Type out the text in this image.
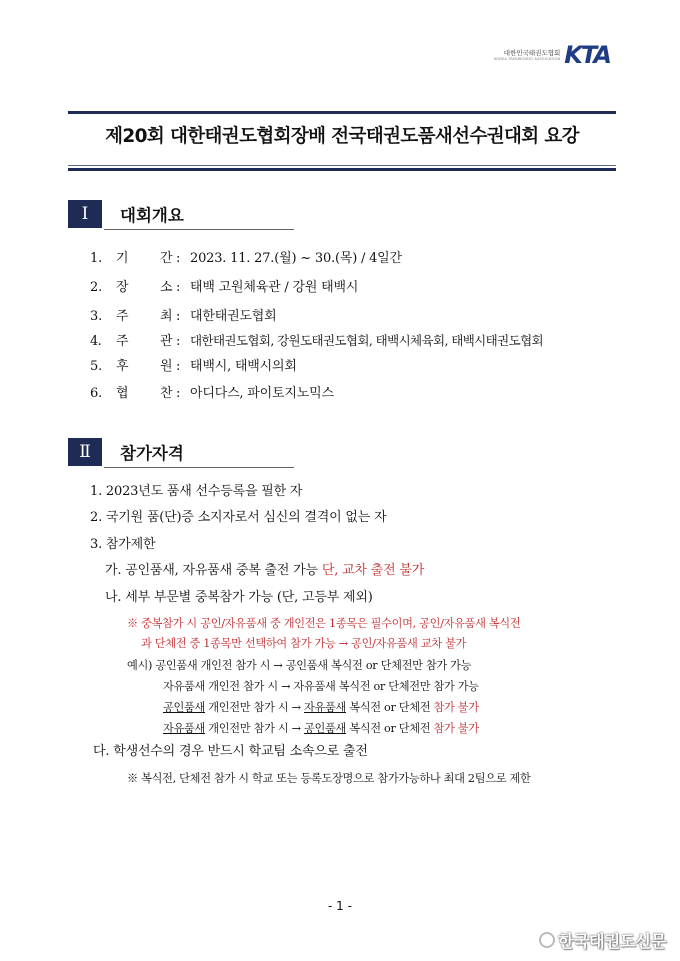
대한민국태권도협회
KOREA TAEKWONDO ASSOCIATION KTA
제20회 대한태권도협회장배 전국태권도품새선수권대회 요강
Ⅰ	대회개요
1. 기 간 : 2023. 11. 27.(월) ~ 30.(목) / 4일간
2. 장 소 : 태백 고원체육관 / 강원 태백시
3. 주 최 : 대한태권도협회
4. 주 관 : 대한태권도협회, 강원도태권도협회, 태백시체육회, 태백시태권도협회
5. 후 원 : 태백시, 태백시의회
6. 협 찬 : 아디다스, 파이토지노믹스
Ⅱ	참가자격
1. 2023년도 품새 선수등록을 필한 자
2. 국기원 품(단)증 소지자로서 심신의 결격이 없는 자
3. 참가제한
가. 공인품새, 자유품새 중복 출전 가능 단, 교차 출전 불가
나. 세부 부문별 중복참가 가능 (단, 고등부 제외)
※ 중복참가 시 공인/자유품새 중 개인전은 1종목은 필수이며, 공인/자유품새 복식전
과 단체전 중 1종목만 선택하여 참가 가능 → 공인/자유품새 교차 불가
예시) 공인품새 개인전 참가 시 → 공인품새 복식전 or 단체전만 참가 가능
자유품새 개인전 참가 시 → 자유품새 복식전 or 단체전만 참가 가능
공인품새 개인전만 참가 시 → 자유품새 복식전 or 단체전 참가 불가
자유품새 개인전만 참가 시 → 공인품새 복식전 or 단체전 참가 불가
다. 학생선수의 경우 반드시 학교팀 소속으로 출전
※ 복식전, 단체전 참가 시 학교 또는 등록도장명으로 참가가능하나 최대 2팀으로 제한
- 1 -
한국태권도신문
